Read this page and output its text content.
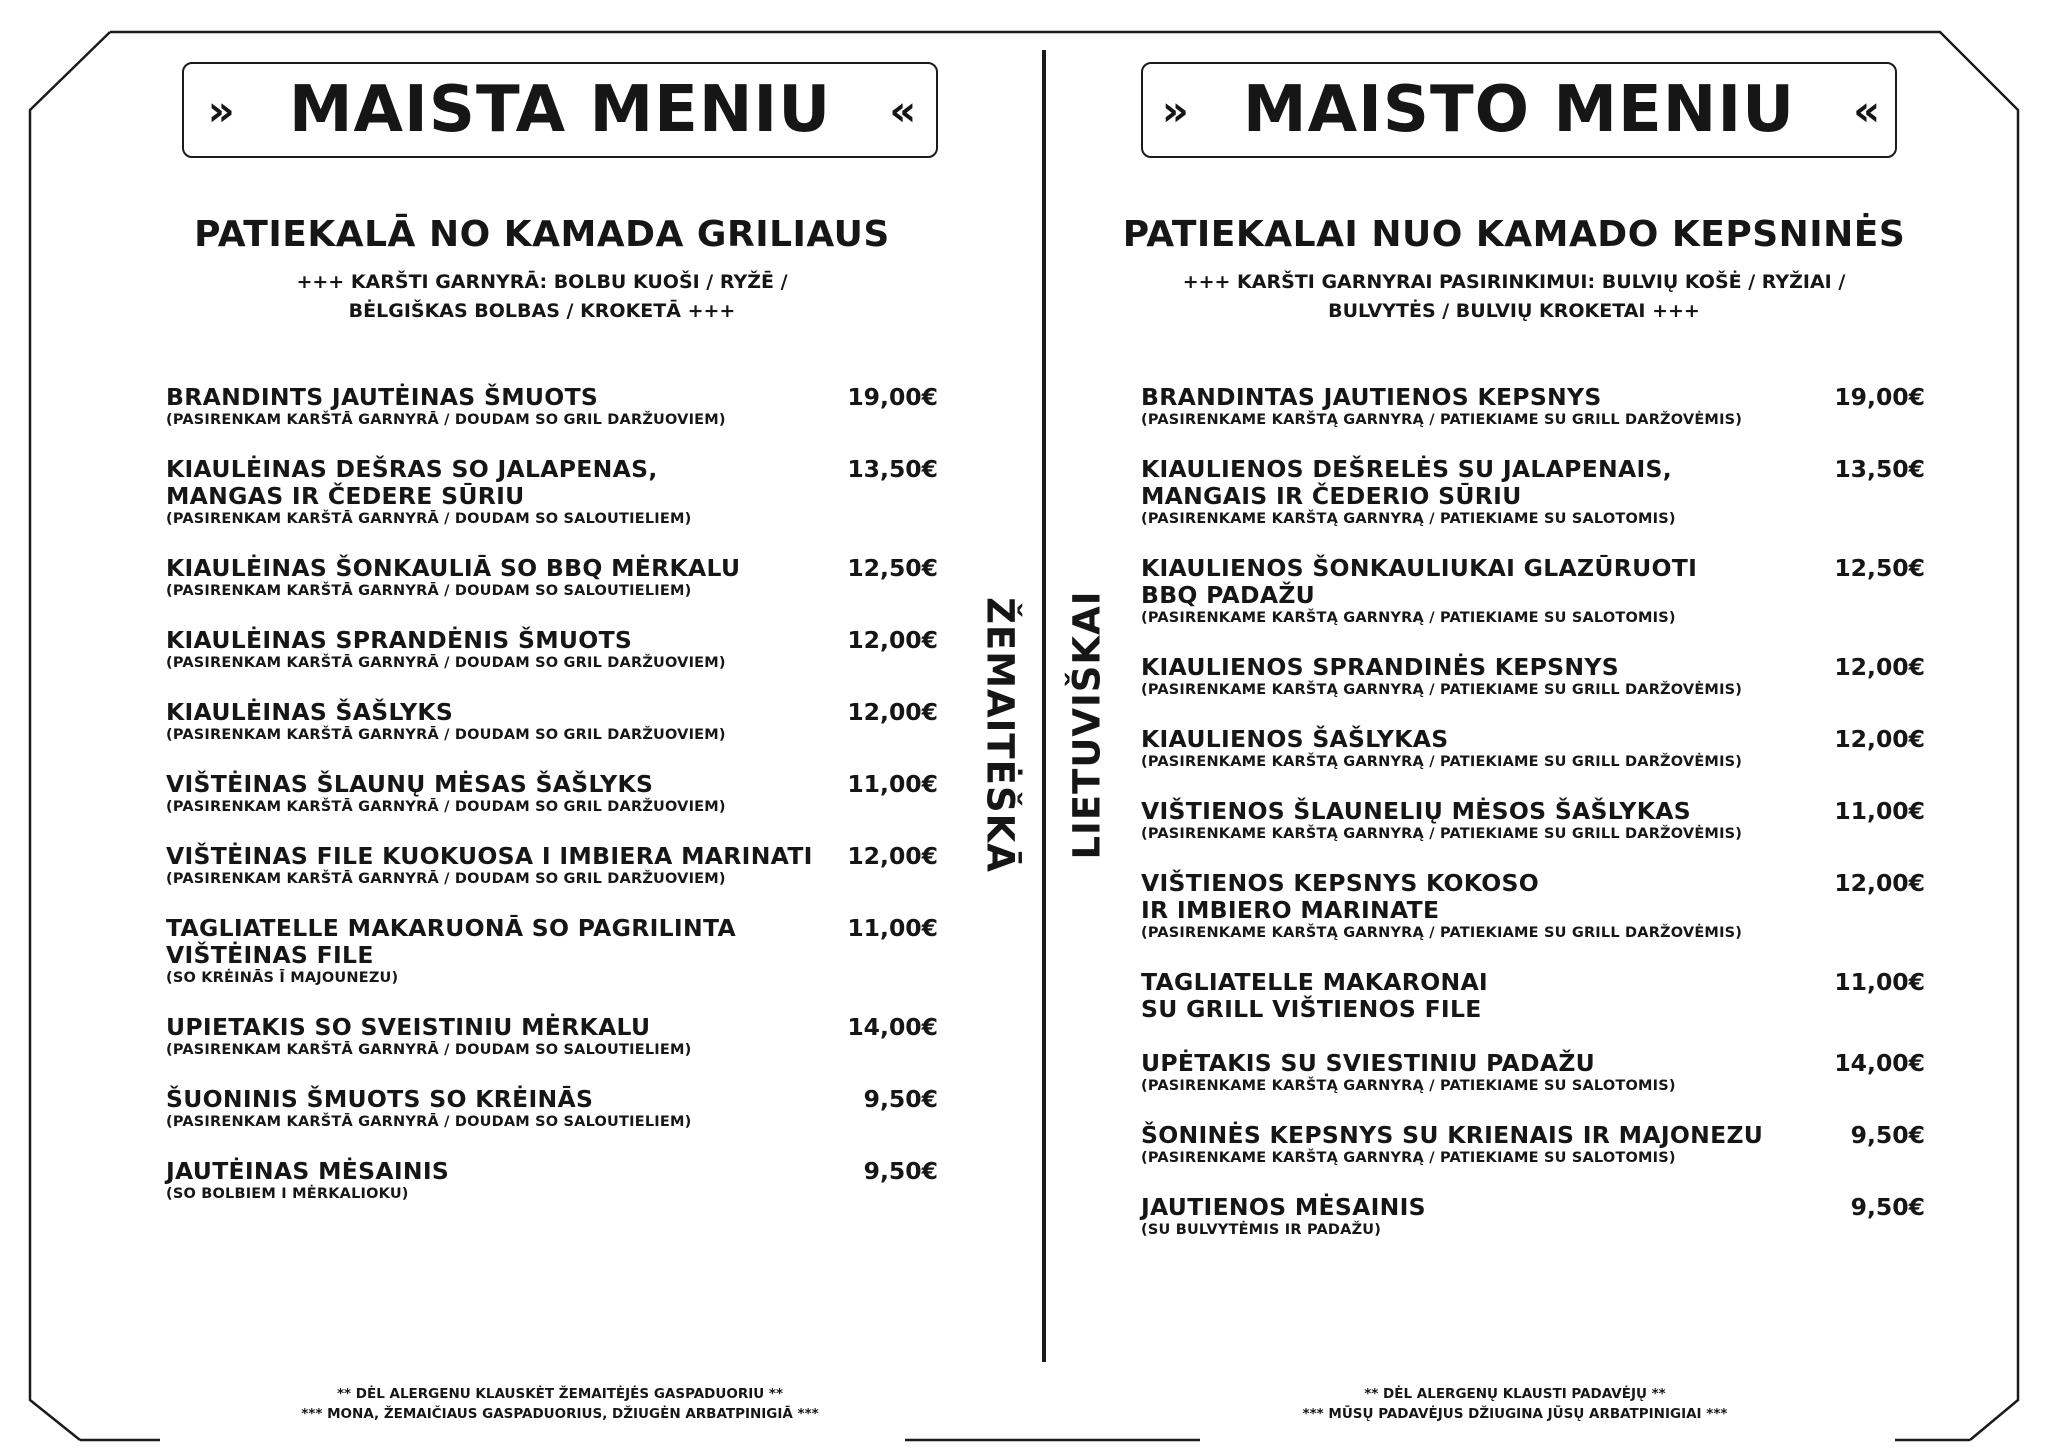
» MAISTA MENIU «
PATIEKALĀ NO KAMADA GRILIAUS
+++ KARŠTI GARNYRĀ: BOLBU KUOŠI / RYŽĒ /
BĖLGIŠKAS BOLBAS / KROKETĀ +++
BRANDINTS JAUTĖINAS ŠMUOTS
(PASIRENKAM KARŠTĀ GARNYRĀ / DOUDAM SO GRIL DARŽUOVIEM)
19,00€
KIAULĖINAS DEŠRAS SO JALAPENAS,
MANGAS IR ČEDERE SŪRIU
(PASIRENKAM KARŠTĀ GARNYRĀ / DOUDAM SO SALOUTIELIEM)
13,50€
KIAULĖINAS ŠONKAULIĀ SO BBQ MĖRKALU
(PASIRENKAM KARŠTĀ GARNYRĀ / DOUDAM SO SALOUTIELIEM)
12,50€
KIAULĖINAS SPRANDĖNIS ŠMUOTS
(PASIRENKAM KARŠTĀ GARNYRĀ / DOUDAM SO GRIL DARŽUOVIEM)
12,00€
KIAULĖINAS ŠAŠLYKS
(PASIRENKAM KARŠTĀ GARNYRĀ / DOUDAM SO GRIL DARŽUOVIEM)
12,00€
VIŠTĖINAS ŠLAUNŲ MĖSAS ŠAŠLYKS
(PASIRENKAM KARŠTĀ GARNYRĀ / DOUDAM SO GRIL DARŽUOVIEM)
11,00€
VIŠTĖINAS FILE KUOKUOSA I IMBIERA MARINATI
(PASIRENKAM KARŠTĀ GARNYRĀ / DOUDAM SO GRIL DARŽUOVIEM)
12,00€
TAGLIATELLE MAKARUONĀ SO PAGRILINTA
VIŠTĖINAS FILE
(SO KRĖINĀS Ī MAJOUNEZU)
11,00€
UPIETAKIS SO SVEISTINIU MĖRKALU
(PASIRENKAM KARŠTĀ GARNYRĀ / DOUDAM SO SALOUTIELIEM)
14,00€
ŠUONINIS ŠMUOTS SO KRĖINĀS
(PASIRENKAM KARŠTĀ GARNYRĀ / DOUDAM SO SALOUTIELIEM)
9,50€
JAUTĖINAS MĖSAINIS
(SO BOLBIEM I MĖRKALIOKU)
9,50€
** DĖL ALERGENU KLAUSKĖT ŽEMAITĖJĖS GASPADUORIU **
*** MONA, ŽEMAIČIAUS GASPADUORIUS, DŽIUGĖN ARBATPINIGIĀ ***
ŽEMAITĖŠKĀ LIETUVIŠKAI
» MAISTO MENIU «
PATIEKALAI NUO KAMADO KEPSNINĖS
+++ KARŠTI GARNYRAI PASIRINKIMUI: BULVIŲ KOŠĖ / RYŽIAI /
BULVYTĖS / BULVIŲ KROKETAI +++
BRANDINTAS JAUTIENOS KEPSNYS
(PASIRENKAME KARŠTĄ GARNYRĄ / PATIEKIAME SU GRILL DARŽOVĖMIS)
19,00€
KIAULIENOS DEŠRELĖS SU JALAPENAIS,
MANGAIS IR ČEDERIO SŪRIU
(PASIRENKAME KARŠTĄ GARNYRĄ / PATIEKIAME SU SALOTOMIS)
13,50€
KIAULIENOS ŠONKAULIUKAI GLAZŪRUOTI
BBQ PADAŽU
(PASIRENKAME KARŠTĄ GARNYRĄ / PATIEKIAME SU SALOTOMIS)
12,50€
KIAULIENOS SPRANDINĖS KEPSNYS
(PASIRENKAME KARŠTĄ GARNYRĄ / PATIEKIAME SU GRILL DARŽOVĖMIS)
12,00€
KIAULIENOS ŠAŠLYKAS
(PASIRENKAME KARŠTĄ GARNYRĄ / PATIEKIAME SU GRILL DARŽOVĖMIS)
12,00€
VIŠTIENOS ŠLAUNELIŲ MĖSOS ŠAŠLYKAS
(PASIRENKAME KARŠTĄ GARNYRĄ / PATIEKIAME SU GRILL DARŽOVĖMIS)
11,00€
VIŠTIENOS KEPSNYS KOKOSO
IR IMBIERO MARINATE
(PASIRENKAME KARŠTĄ GARNYRĄ / PATIEKIAME SU GRILL DARŽOVĖMIS)
12,00€
TAGLIATELLE MAKARONAI
SU GRILL VIŠTIENOS FILE
11,00€
UPĖTAKIS SU SVIESTINIU PADAŽU
(PASIRENKAME KARŠTĄ GARNYRĄ / PATIEKIAME SU SALOTOMIS)
14,00€
ŠONINĖS KEPSNYS SU KRIENAIS IR MAJONEZU
(PASIRENKAME KARŠTĄ GARNYRĄ / PATIEKIAME SU SALOTOMIS)
9,50€
JAUTIENOS MĖSAINIS
(SU BULVYTĖMIS IR PADAŽU)
9,50€
** DĖL ALERGENŲ KLAUSTI PADAVĖJŲ **
*** MŪSŲ PADAVĖJUS DŽIUGINA JŪSŲ ARBATPINIGIAI ***
